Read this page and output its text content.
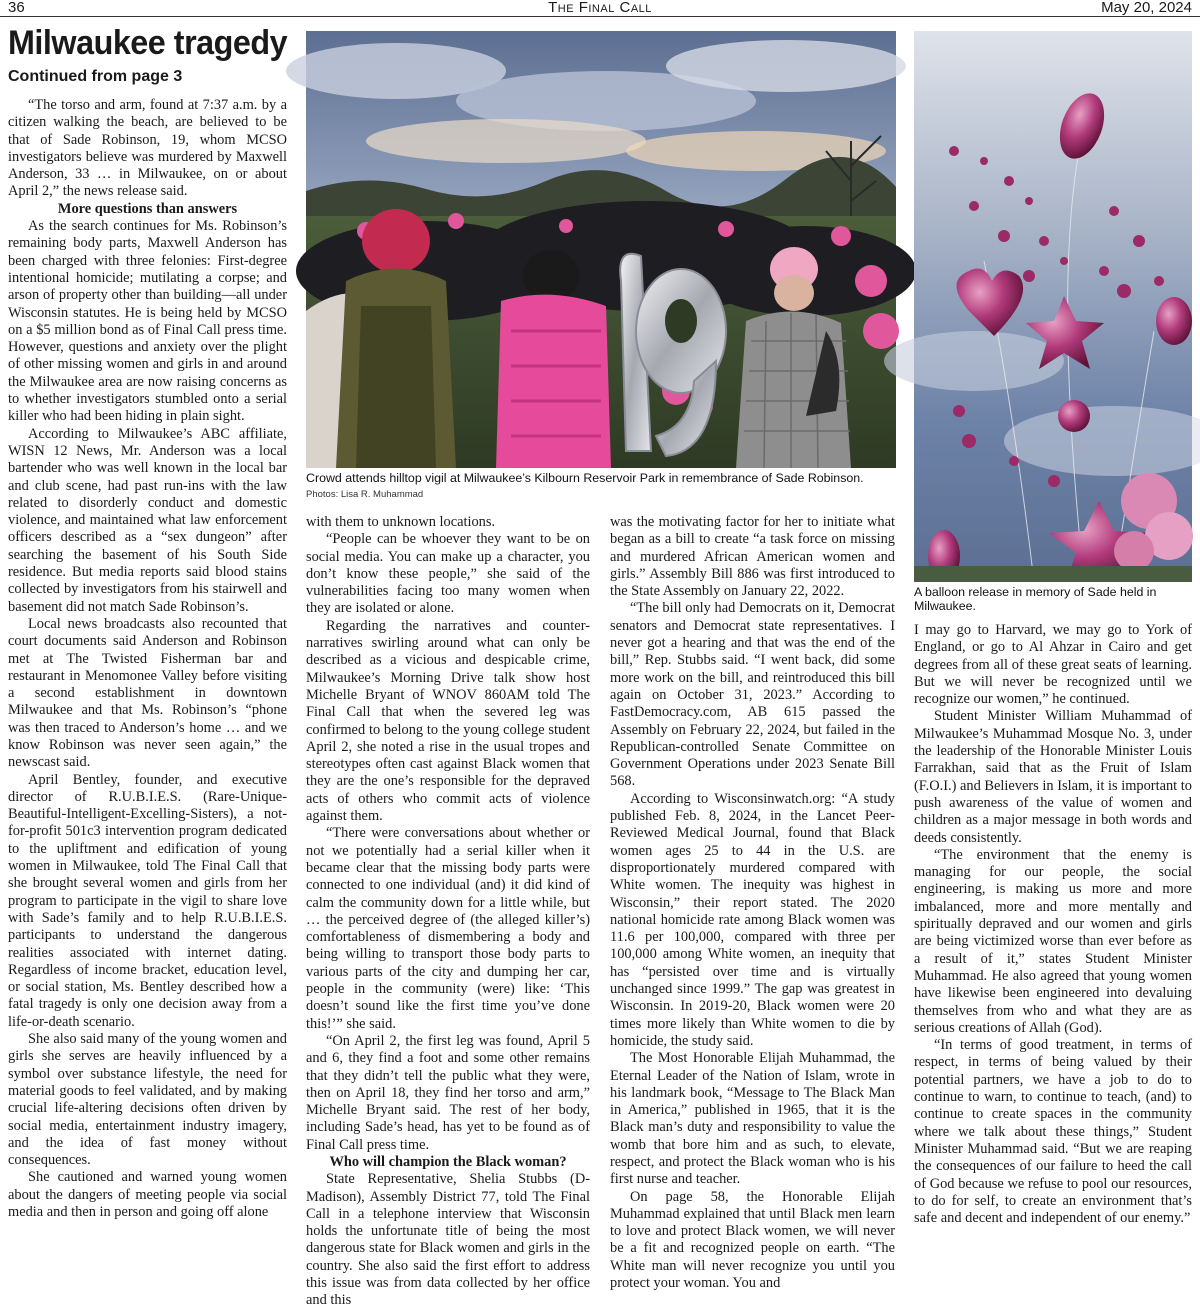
36	The Final Call	May 20, 2024
Milwaukee tragedy
Continued from page 3

“The torso and arm, found at 7:37 a.m. by a citizen walking the beach, are believed to be that of Sade Robinson, 19, whom MCSO investigators believe was murdered by Maxwell Anderson, 33 … in Milwaukee, on or about April 2,” the news release said.

More questions than answers

As the search continues for Ms. Robinson’s remaining body parts, Maxwell Anderson has been charged with three felonies: First-degree intentional homicide; mutilating a corpse; and arson of property other than building—all under Wisconsin statutes. He is being held by MCSO on a $5 million bond as of Final Call press time. However, questions and anxiety over the plight of other missing women and girls in and around the Milwaukee area are now raising concerns as to whether investigators stumbled onto a serial killer who had been hiding in plain sight.

According to Milwaukee’s ABC affiliate, WISN 12 News, Mr. Anderson was a local bartender who was well known in the local bar and club scene, had past run-ins with the law related to disorderly conduct and domestic violence, and maintained what law enforcement officers described as a “sex dungeon” after searching the basement of his South Side residence. But media reports said blood stains collected by investigators from his stairwell and basement did not match Sade Robinson’s.

Local news broadcasts also recounted that court documents said Anderson and Robinson met at The Twisted Fisherman bar and restaurant in Menomonee Valley before visiting a second establishment in downtown Milwaukee and that Ms. Robinson’s “phone was then traced to Anderson’s home … and we know Robinson was never seen again,” the newscast said.

April Bentley, founder, and executive director of R.U.B.I.E.S. (Rare-Unique-Beautiful-Intelligent-Excelling-Sisters), a not-for-profit 501c3 intervention program dedicated to the upliftment and edification of young women in Milwaukee, told The Final Call that she brought several women and girls from her program to participate in the vigil to share love with Sade’s family and to help R.U.B.I.E.S. participants to understand the dangerous realities associated with internet dating. Regardless of income bracket, education level, or social station, Ms. Bentley described how a fatal tragedy is only one decision away from a life-or-death scenario.

She also said many of the young women and girls she serves are heavily influenced by a symbol over substance lifestyle, the need for material goods to feel validated, and by making crucial life-altering decisions often driven by social media, entertainment industry imagery, and the idea of fast money without consequences.

She cautioned and warned young women about the dangers of meeting people via social media and then in person and going off alone

Crowd attends hilltop vigil at Milwaukee’s Kilbourn Reservoir Park in remembrance of Sade Robinson.
Photos: Lisa R. Muhammad

with them to unknown locations.

“People can be whoever they want to be on social media. You can make up a character, you don’t know these people,” she said of the vulnerabilities facing too many women when they are isolated or alone.

Regarding the narratives and counter-narratives swirling around what can only be described as a vicious and despicable crime, Milwaukee’s Morning Drive talk show host Michelle Bryant of WNOV 860AM told The Final Call that when the severed leg was confirmed to belong to the young college student April 2, she noted a rise in the usual tropes and stereotypes often cast against Black women that they are the one’s responsible for the depraved acts of others who commit acts of violence against them.

“There were conversations about whether or not we potentially had a serial killer when it became clear that the missing body parts were connected to one individual (and) it did kind of calm the community down for a little while, but … the perceived degree of (the alleged killer’s) comfortableness of dismembering a body and being willing to transport those body parts to various parts of the city and dumping her car, people in the community (were) like: ‘This doesn’t sound like the first time you’ve done this!’” she said.

“On April 2, the first leg was found, April 5 and 6, they find a foot and some other remains that they didn’t tell the public what they were, then on April 18, they find her torso and arm,” Michelle Bryant said. The rest of her body, including Sade’s head, has yet to be found as of Final Call press time.

Who will champion the Black woman?

State Representative, Shelia Stubbs (D- Madison), Assembly District 77, told The Final Call in a telephone interview that Wisconsin holds the unfortunate title of being the most dangerous state for Black women and girls in the country. She also said the first effort to address this issue was from data collected by her office and this

was the motivating factor for her to initiate what began as a bill to create “a task force on missing and murdered African American women and girls.” Assembly Bill 886 was first introduced to the State Assembly on January 22, 2022.

“The bill only had Democrats on it, Democrat senators and Democrat state representatives. I never got a hearing and that was the end of the bill,” Rep. Stubbs said. “I went back, did some more work on the bill, and reintroduced this bill again on October 31, 2023.” According to FastDemocracy.com, AB 615 passed the Assembly on February 22, 2024, but failed in the Republican-controlled Senate Committee on Government Operations under 2023 Senate Bill 568.

According to Wisconsinwatch.org: “A study published Feb. 8, 2024, in the Lancet Peer-Reviewed Medical Journal, found that Black women ages 25 to 44 in the U.S. are disproportionately murdered compared with White women. The inequity was highest in Wisconsin,” their report stated. The 2020 national homicide rate among Black women was 11.6 per 100,000, compared with three per 100,000 among White women, an inequity that has “persisted over time and is virtually unchanged since 1999.” The gap was greatest in Wisconsin. In 2019-20, Black women were 20 times more likely than White women to die by homicide, the study said.

The Most Honorable Elijah Muhammad, the Eternal Leader of the Nation of Islam, wrote in his landmark book, “Message to The Black Man in America,” published in 1965, that it is the Black man’s duty and responsibility to value the womb that bore him and as such, to elevate, respect, and protect the Black woman who is his first nurse and teacher.

On page 58, the Honorable Elijah Muhammad explained that until Black men learn to love and protect Black women, we will never be a fit and recognized people on earth. “The White man will never recognize you until you protect your woman. You and

A balloon release in memory of Sade held in Milwaukee.

I may go to Harvard, we may go to York of England, or go to Al Ahzar in Cairo and get degrees from all of these great seats of learning. But we will never be recognized until we recognize our women,” he continued.

Student Minister William Muhammad of Milwaukee’s Muhammad Mosque No. 3, under the leadership of the Honorable Minister Louis Farrakhan, said that as the Fruit of Islam (F.O.I.) and Believers in Islam, it is important to push awareness of the value of women and children as a major message in both words and deeds consistently.

“The environment that the enemy is managing for our people, the social engineering, is making us more and more imbalanced, more and more mentally and spiritually depraved and our women and girls are being victimized worse than ever before as a result of it,” states Student Minister Muhammad. He also agreed that young women have likewise been engineered into devaluing themselves from who and what they are as serious creations of Allah (God).

“In terms of good treatment, in terms of respect, in terms of being valued by their potential partners, we have a job to do to continue to warn, to continue to teach, (and) to continue to create spaces in the community where we talk about these things,” Student Minister Muhammad said. “But we are reaping the consequences of our failure to heed the call of God because we refuse to pool our resources, to do for self, to create an environment that’s safe and decent and independent of our enemy.”
